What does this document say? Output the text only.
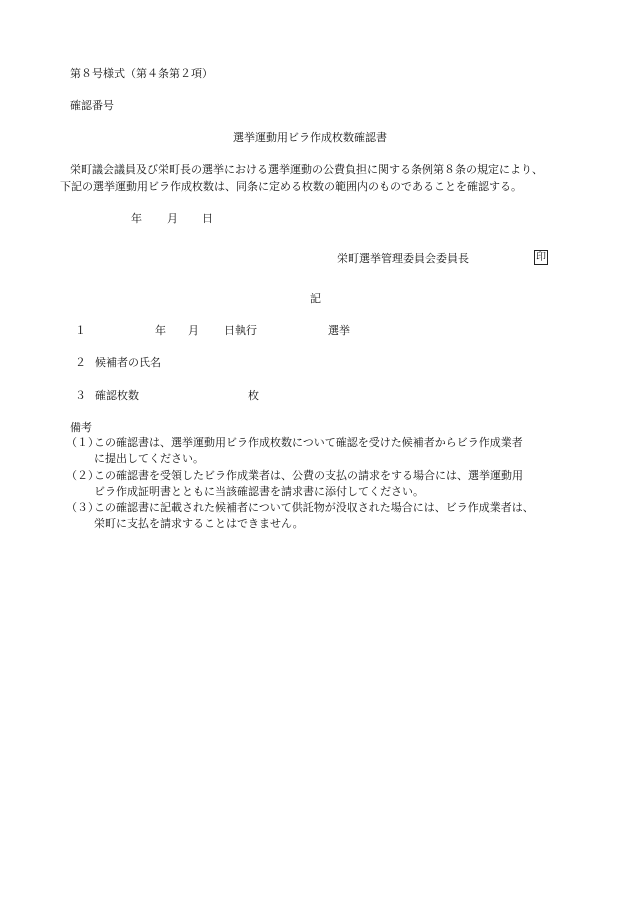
第８号様式（第４条第２項）
確認番号
選挙運動用ビラ作成枚数確認書
栄町議会議員及び栄町長の選挙における選挙運動の公費負担に関する条例第８条の規定により、
下記の選挙運動用ビラ作成枚数は、同条に定める枚数の範囲内のものであることを確認する。
年 月 日
栄町選挙管理委員会委員長	印
記
１	年 月 日執行	選挙
２ 候補者の氏名
３ 確認枚数	枚
備考
（１）
この確認書は、選挙運動用ビラ作成枚数について確認を受けた候補者からビラ作成業者
に提出してください。
（２）
この確認書を受領したビラ作成業者は、公費の支払の請求をする場合には、選挙運動用
ビラ作成証明書とともに当該確認書を請求書に添付してください。
（３）
この確認書に記載された候補者について供託物が没収された場合には、ビラ作成業者は、
栄町に支払を請求することはできません。
